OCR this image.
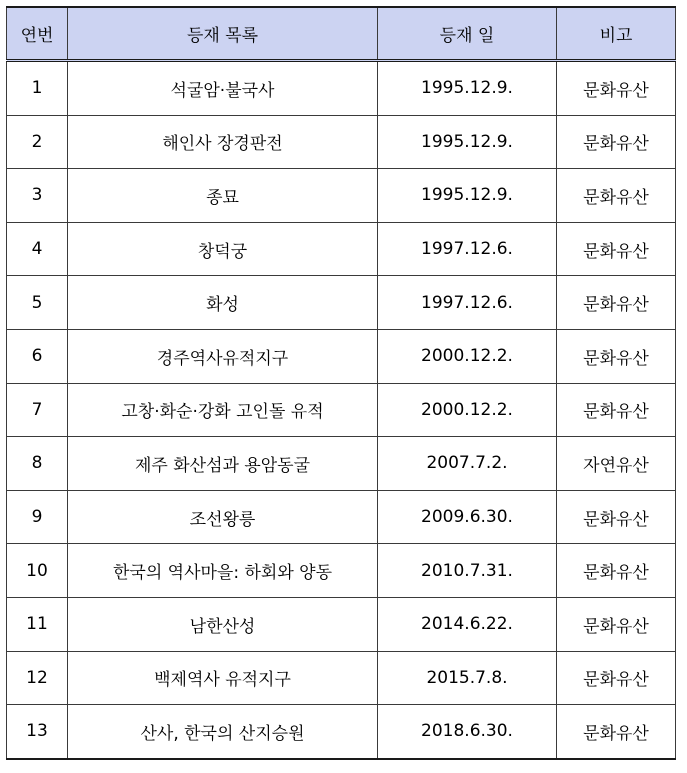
연번	등재 목록	등재 일	비고
1	석굴암·불국사	1995.12.9.	문화유산
2	해인사 장경판전	1995.12.9.	문화유산
3	종묘	1995.12.9.	문화유산
4	창덕궁	1997.12.6.	문화유산
5	화성	1997.12.6.	문화유산
6	경주역사유적지구	2000.12.2.	문화유산
7	고창·화순·강화 고인돌 유적	2000.12.2.	문화유산
8	제주 화산섬과 용암동굴	2007.7.2.	자연유산
9	조선왕릉	2009.6.30.	문화유산
10	한국의 역사마을: 하회와 양동	2010.7.31.	문화유산
11	남한산성	2014.6.22.	문화유산
12	백제역사 유적지구	2015.7.8.	문화유산
13	산사, 한국의 산지승원	2018.6.30.	문화유산
